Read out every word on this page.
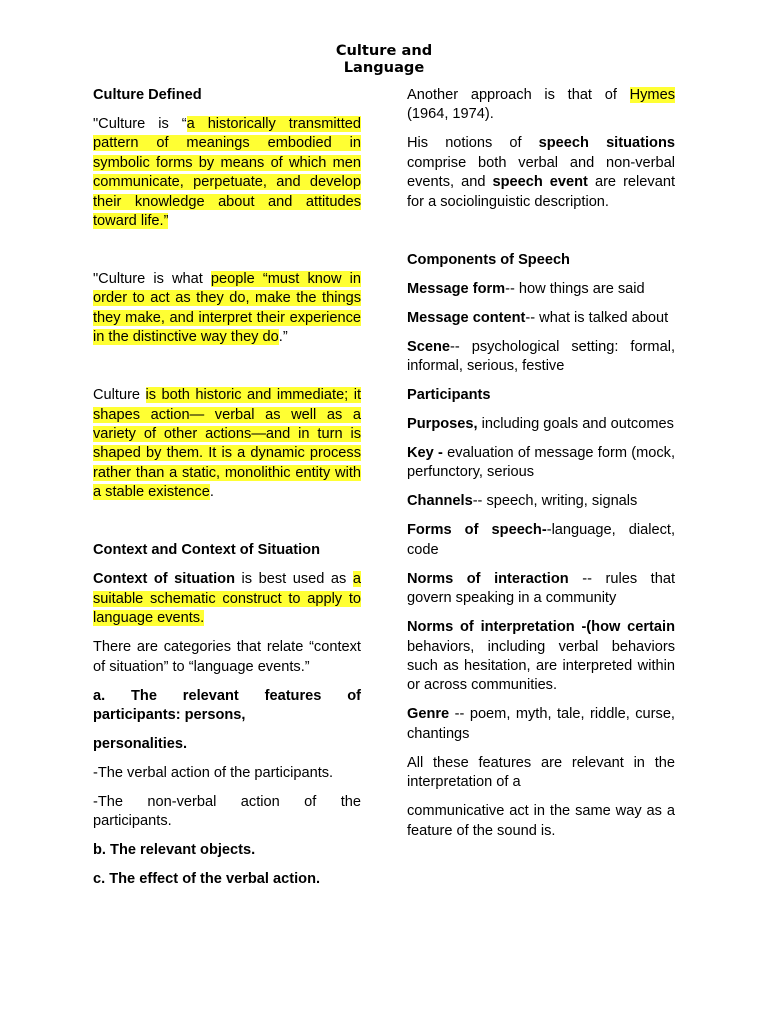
Culture and
Language

Culture Defined

"Culture is “a historically transmitted pattern of meanings embodied in symbolic forms by means of which men communicate, perpetuate, and develop their knowledge about and attitudes toward life.”

"Culture is what people “must know in order to act as they do, make the things they make, and interpret their experience in the distinctive way they do.”

Culture is both historic and immediate; it shapes action— verbal as well as a variety of other actions—and in turn is shaped by them. It is a dynamic process rather than a static, monolithic entity with a stable existence.

Context and Context of Situation

Context of situation is best used as a suitable schematic construct to apply to language events.

There are categories that relate “context of situation” to “language events.”

a. The relevant features of participants: persons,

personalities.

-The verbal action of the participants.

-The non-verbal action of the participants.

b. The relevant objects.

c. The effect of the verbal action.

Another approach is that of Hymes (1964, 1974).

His notions of speech situations comprise both verbal and non-verbal events, and speech event are relevant for a sociolinguistic description.

Components of Speech

Message form-- how things are said

Message content-- what is talked about

Scene-- psychological setting: formal, informal, serious, festive

Participants

Purposes, including goals and outcomes

Key - evaluation of message form (mock, perfunctory, serious

Channels-- speech, writing, signals

Forms of speech--language, dialect, code

Norms of interaction -- rules that govern speaking in a community

Norms of interpretation -(how certain behaviors, including verbal behaviors such as hesitation, are interpreted within or across communities.

Genre -- poem, myth, tale, riddle, curse, chantings

All these features are relevant in the interpretation of a

communicative act in the same way as a feature of the sound is.
